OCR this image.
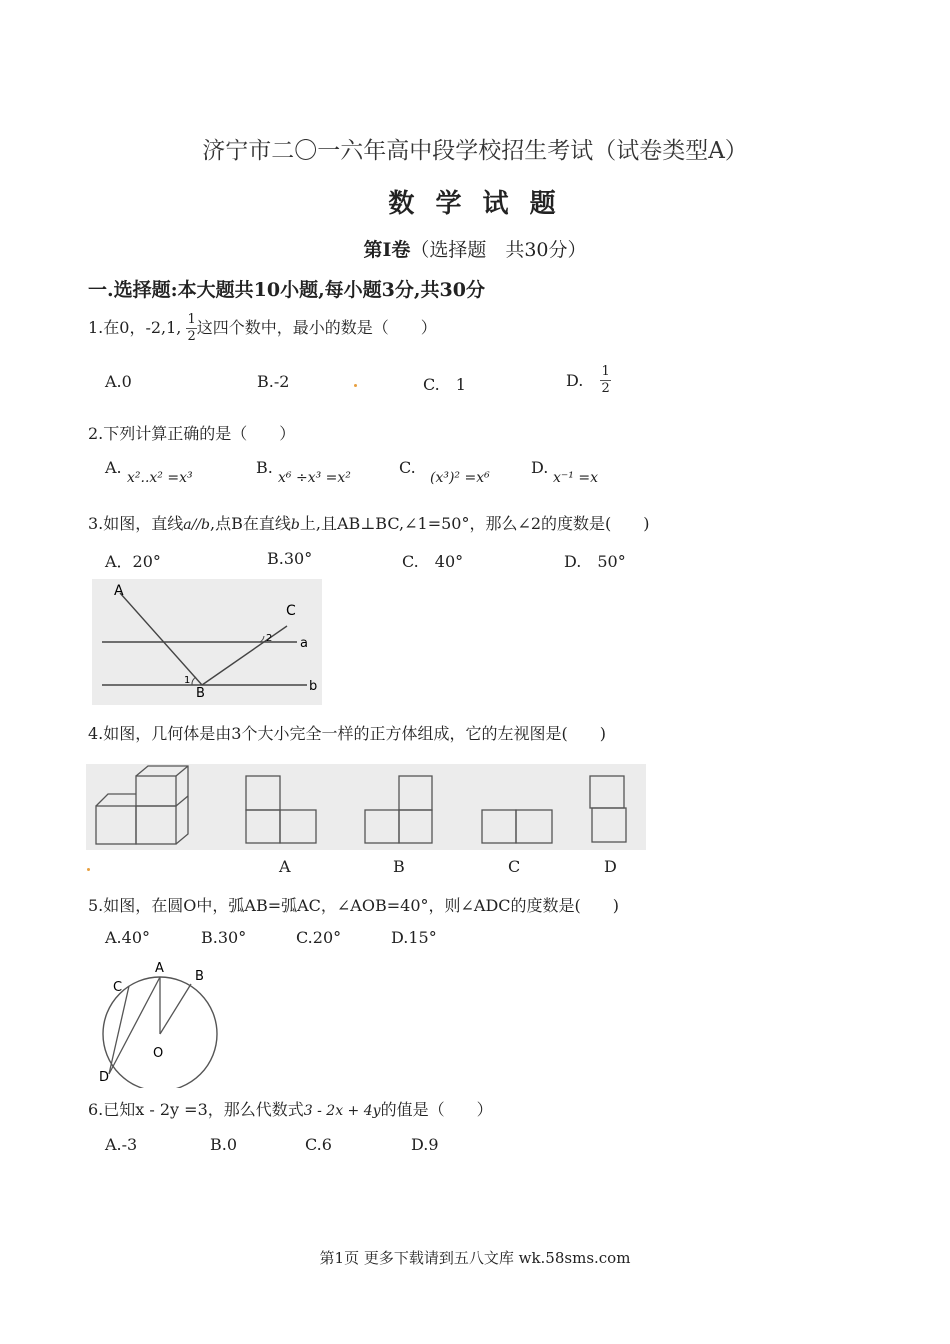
济宁市二〇一六年高中段学校招生考试（试卷类型A）
数 学 试 题
第Ⅰ卷（选择题　共30分）
一.选择题:本大题共10小题,每小题3分,共30分
1.在0，-2,1, $\frac{1}{2}$ 这四个数中，最小的数是（　　）
A.0	B.-2	C.　1	D. $\frac{1}{2}$
2.下列计算正确的是（　　）
A.
x²..x² =x³
B.
x⁶ ÷x³ =x²
C.
(x³)² =x⁶
D.
x⁻¹ =x
3.如图，直线a//b,点B在直线b上,且AB⊥BC,∠1=50°，那么∠2的度数是(　　)
A．20°	B.30°	C.　40°	D.　50°
A
C
2 a
1
B	b
4.如图，几何体是由3个大小完全一样的正方体组成，它的左视图是(　　)
A	B	C	D
5.如图，在圆O中，弧AB=弧AC，∠AOB=40°，则∠ADC的度数是(　　)
A.40°	B.30°	C.20°	D.15°
A
B
C
O
D
6.已知x - 2y =3，那么代数式3 - 2x + 4y的值是（　　）
A.-3	B.0	C.6	D.9
第1页 更多下载请到五八文库 wk.58sms.com
